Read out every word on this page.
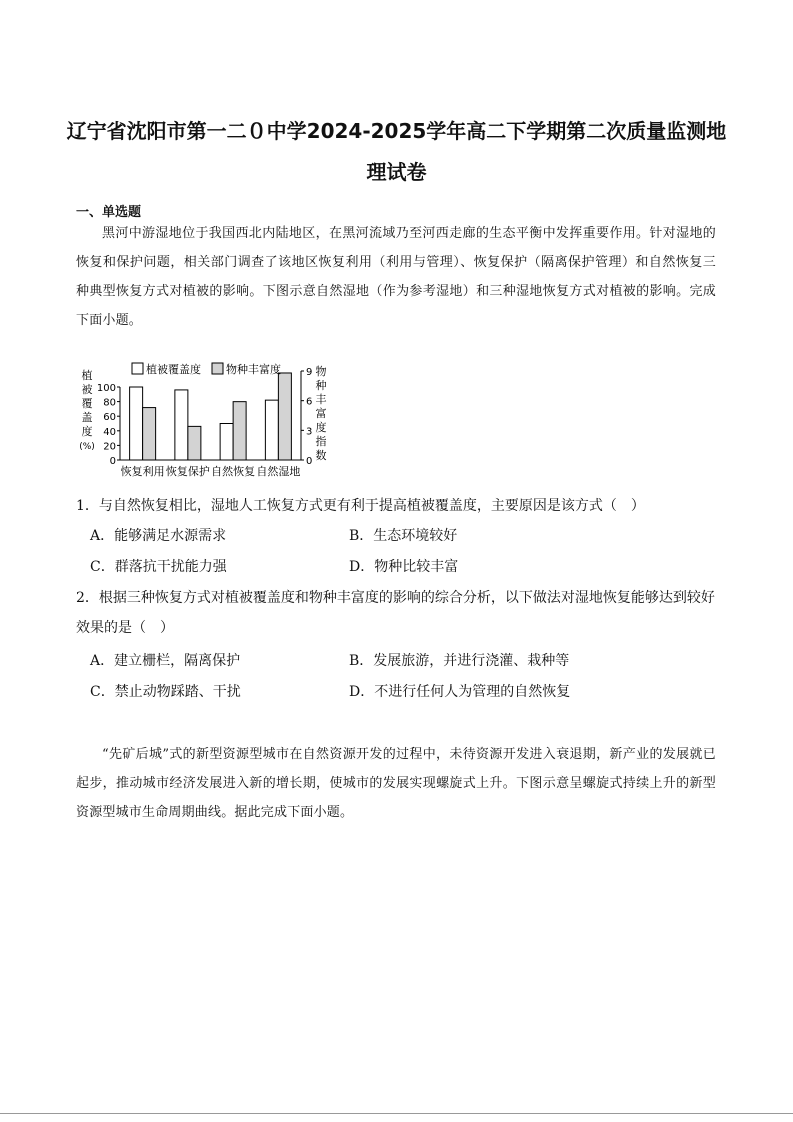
辽宁省沈阳市第一二０中学2024-2025学年高二下学期第二次质量监测地
理试卷
一、单选题

黑河中游湿地位于我国西北内陆地区，在黑河流域乃至河西走廊的生态平衡中发挥重要作用。针对湿地的恢复和保护问题，相关部门调查了该地区恢复利用（利用与管理）、恢复保护（隔离保护管理）和自然恢复三种典型恢复方式对植被的影响。下图示意自然湿地（作为参考湿地）和三种湿地恢复方式对植被的影响。完成下面小题。

0
20
40
60
80
100
0
3
6
9
植
被
覆
盖
度
(%)
物
种
丰
富
度
指
数
恢复利用 恢复保护 自然恢复 自然湿地
植被覆盖度 物种丰富度

1．与自然恢复相比，湿地人工恢复方式更有利于提高植被覆盖度，主要原因是该方式（　）

A．能够满足水源需求	B．生态环境较好
C．群落抗干扰能力强	D．物种比较丰富

2．根据三种恢复方式对植被覆盖度和物种丰富度的影响的综合分析，以下做法对湿地恢复能够达到较好效果的是（　）

A．建立栅栏，隔离保护	B．发展旅游，并进行浇灌、栽种等
C．禁止动物踩踏、干扰	D．不进行任何人为管理的自然恢复

“先矿后城”式的新型资源型城市在自然资源开发的过程中，未待资源开发进入衰退期，新产业的发展就已起步，推动城市经济发展进入新的增长期，使城市的发展实现螺旋式上升。下图示意呈螺旋式持续上升的新型资源型城市生命周期曲线。据此完成下面小题。
